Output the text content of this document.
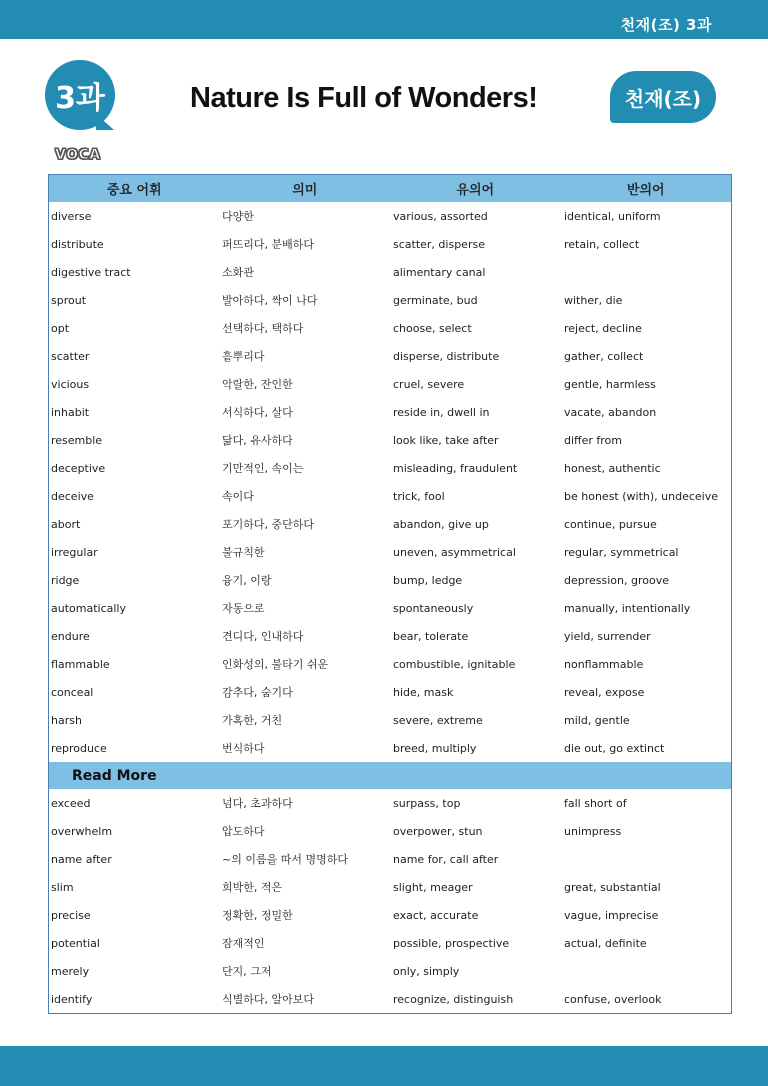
천재(조) 3과
3과	Nature Is Full of Wonders!	천재(조)
VOCA
중요 어휘	의미	유의어	반의어
diverse	다양한	various, assorted	identical, uniform
distribute	퍼뜨리다, 분배하다	scatter, disperse	retain, collect
digestive tract	소화관	alimentary canal
sprout	발아하다, 싹이 나다	germinate, bud	wither, die
opt	선택하다, 택하다	choose, select	reject, decline
scatter	흩뿌리다	disperse, distribute	gather, collect
vicious	악랄한, 잔인한	cruel, severe	gentle, harmless
inhabit	서식하다, 살다	reside in, dwell in	vacate, abandon
resemble	닮다, 유사하다	look like, take after	differ from
deceptive	기만적인, 속이는	misleading, fraudulent	honest, authentic
deceive	속이다	trick, fool	be honest (with), undeceive
abort	포기하다, 중단하다	abandon, give up	continue, pursue
irregular	불규칙한	uneven, asymmetrical	regular, symmetrical
ridge	융기, 이랑	bump, ledge	depression, groove
automatically	자동으로	spontaneously	manually, intentionally
endure	견디다, 인내하다	bear, tolerate	yield, surrender
flammable	인화성의, 불타기 쉬운	combustible, ignitable	nonflammable
conceal	감추다, 숨기다	hide, mask	reveal, expose
harsh	가혹한, 거친	severe, extreme	mild, gentle
reproduce	번식하다	breed, multiply	die out, go extinct
Read More
exceed	넘다, 초과하다	surpass, top	fall short of
overwhelm	압도하다	overpower, stun	unimpress
name after	~의 이름을 따서 명명하다	name for, call after
slim	희박한, 적은	slight, meager	great, substantial
precise	정확한, 정밀한	exact, accurate	vague, imprecise
potential	잠재적인	possible, prospective	actual, definite
merely	단지, 그저	only, simply
identify	식별하다, 알아보다	recognize, distinguish	confuse, overlook
